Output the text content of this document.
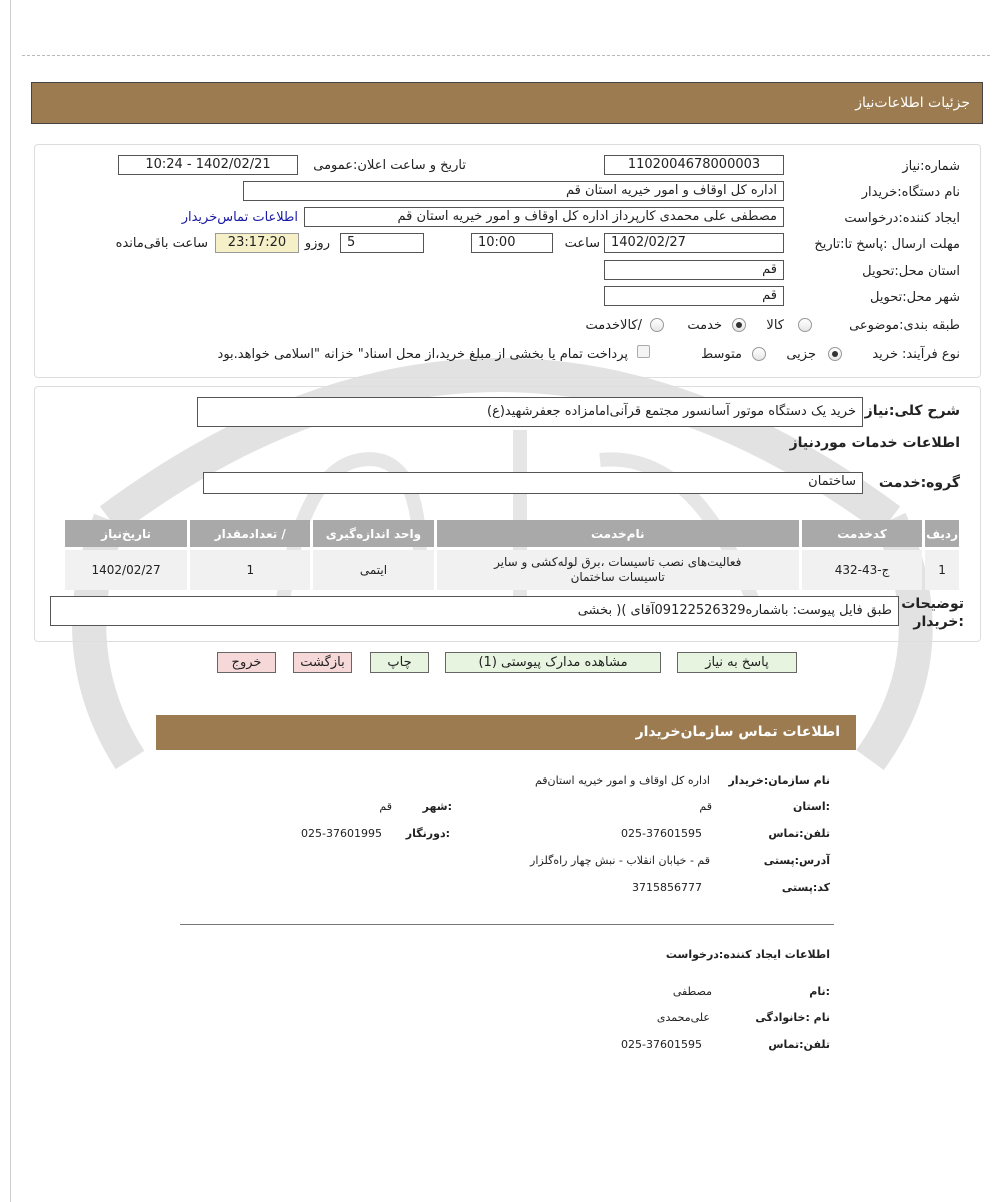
جزئیات اطلاعات‌نیاز
شماره:نیاز
1102004678000003
تاریخ و ساعت اعلان:عمومی
1402/02/21 - 10:24
نام دستگاه:خریدار
اداره کل اوقاف و امور خیریه استان قم
ایجاد کننده:درخواست
مصطفی علی محمدی کارپرداز اداره کل اوقاف و امور خیریه استان قم
اطلاعات تماس‌خریدار
مهلت ارسال :پاسخ تا:تاریخ
1402/02/27
ساعت
10:00
5
روزو
23:17:20
ساعت باقی‌مانده
استان محل:تحویل
قم
شهر محل:تحویل
قم
طبقه بندی:موضوعی
کالا
خدمت
/کالاخدمت
نوع فرآیند:
خرید
جزیی
متوسط
پرداخت تمام یا بخشی از مبلغ خرید،از محل اسناد" خزانه "اسلامی خواهد.بود
شرح کلی:نیاز
خرید یک دستگاه موتور آسانسور مجتمع قرآنی‌امامزاده جعفرشهید(ع)
اطلاعات خدمات موردنیاز
گروه:خدمت
ساختمان
ردیف	کدخدمت	نام‌خدمت	واحد اندازه‌گیری	/ تعدادمقدار	تاریخ‌نیاز
1	ج-43-432	فعالیت‌های نصب تاسیسات ،برق لوله‌کشی و سایر تاسیسات ساختمان	ایتمی	1	1402/02/27
توضیحات :خریدار
طبق فایل پیوست: باشماره09122526329آقای )( بخشی
پاسخ به نیاز
مشاهده مدارک پیوستی (1)
چاپ
بازگشت
خروج
اطلاعات تماس سازمان‌خریدار
نام سازمان:خریدار
اداره کل اوقاف و امور خیریه استان‌قم
:استان
قم
:شهر
قم
تلفن:تماس
025-37601595
:دورنگار
025-37601995
آدرس:پستی
قم - خیابان انقلاب - نبش چهار راه‌گلزار
کد:پستی
3715856777
اطلاعات ایجاد کننده:درخواست
:نام
مصطفی
نام :خانوادگی
علی‌محمدی
تلفن:تماس
025-37601595
